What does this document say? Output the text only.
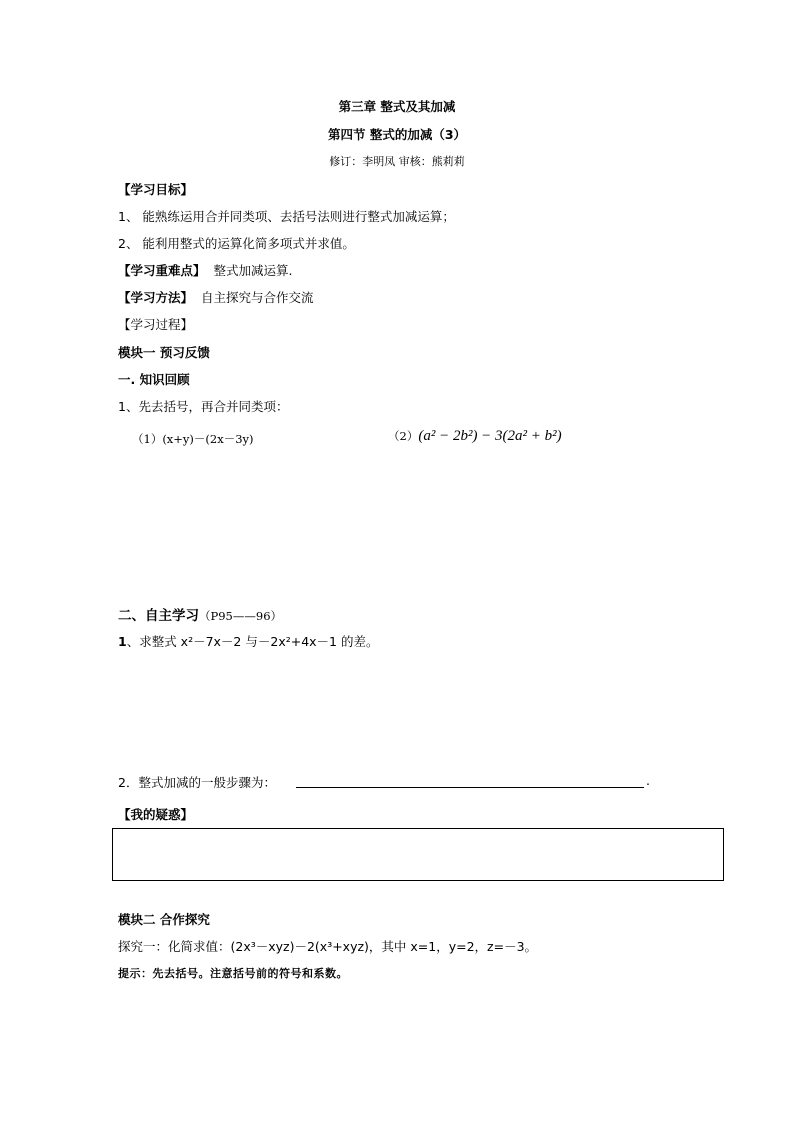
第三章 整式及其加减
第四节 整式的加减（3）
修订：李明凤 审核：熊莉莉
【学习目标】
1、 能熟练运用合并同类项、去括号法则进行整式加减运算；
2、 能利用整式的运算化简多项式并求值。
【学习重难点】 整式加减运算.
【学习方法】 自主探究与合作交流
【学习过程】
模块一 预习反馈
一. 知识回顾
1、先去括号，再合并同类项：
（1）(x+y)－(2x－3y)	（2）(a² − 2b²) − 3(2a² + b²)
二、自主学习（P95——96）
1、求整式 x²－7x－2 与－2x²+4x－1 的差。
2．整式加减的一般步骤为：	.
【我的疑惑】
模块二 合作探究
探究一：化简求值：(2x³－xyz)－2(x³+xyz)，其中 x=1，y=2，z=－3。
提示：先去括号。注意括号前的符号和系数。
